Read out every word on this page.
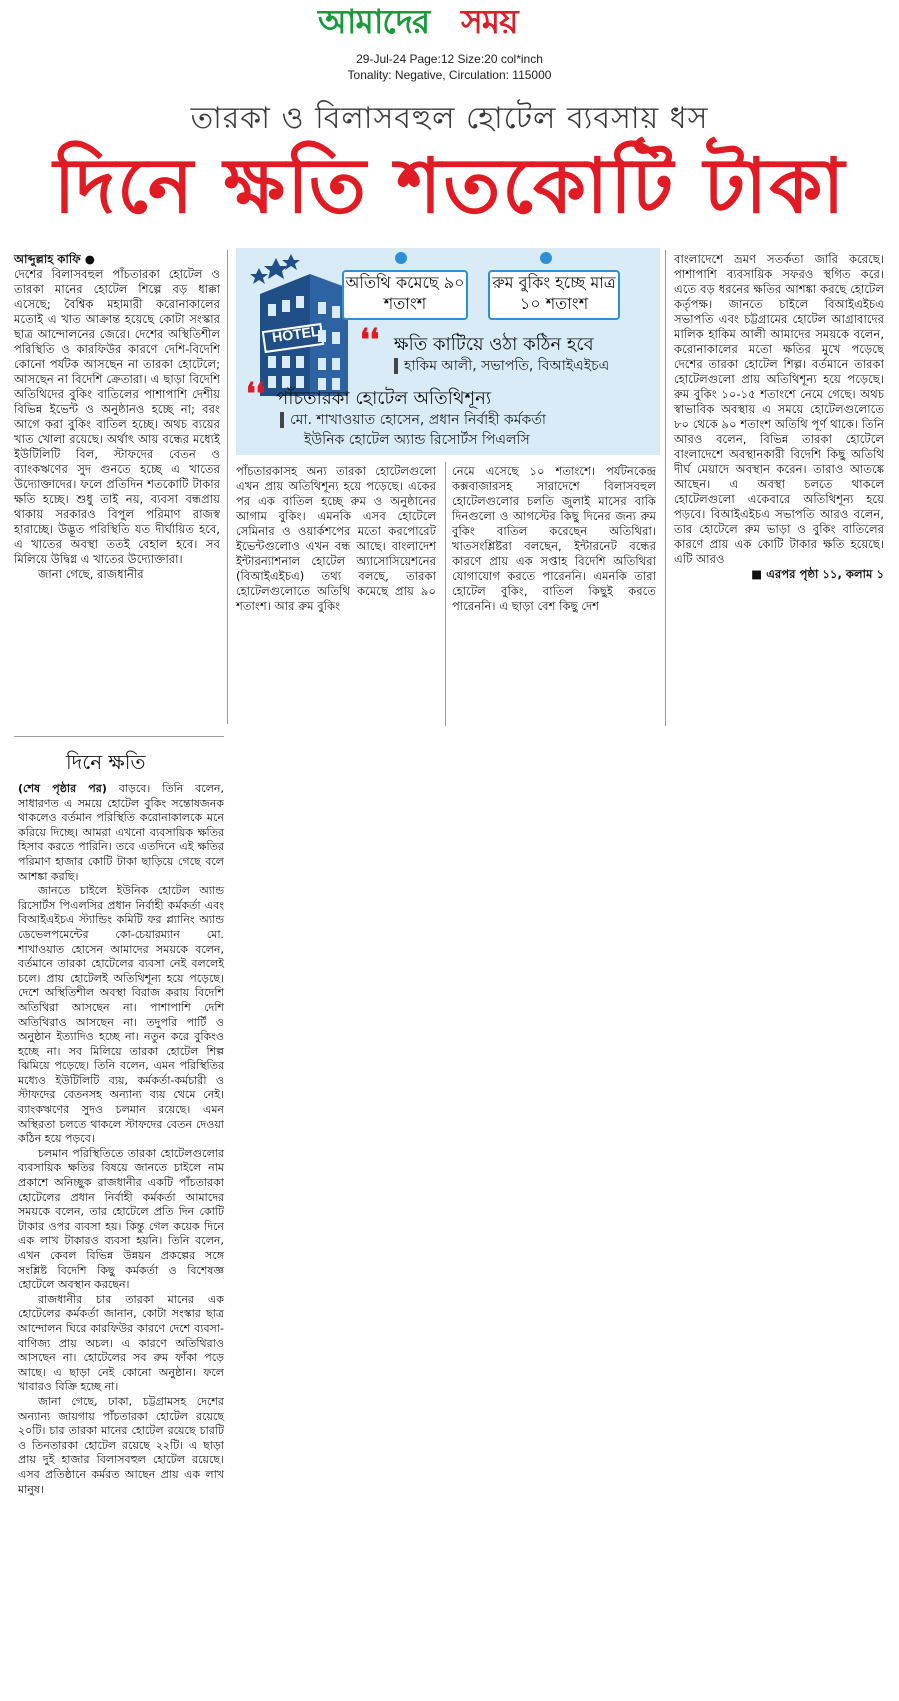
আমাদের সময়
29-Jul-24 Page:12 Size:20 col*inch
Tonality: Negative, Circulation: 115000
তারকা ও বিলাসবহুল হোটেল ব্যবসায় ধস
দিনে ক্ষতি শতকোটি টাকা

আব্দুল্লাহ কাফি ●

দেশের বিলাসবহুল পাঁচতারকা হোটেল ও তারকা মানের হোটেল শিল্পে বড় ধাক্কা এসেছে; বৈশ্বিক মহামারী করোনাকালের মতোই এ খাত আক্রান্ত হয়েছে কোটা সংস্কার ছাত্র আন্দোলনের জেরে। দেশের অস্থিতিশীল পরিস্থিতি ও কারফিউর কারণে দেশি-বিদেশি কোনো পর্যটক আসছেন না তারকা হোটেলে; আসছেন না বিদেশি ক্রেতারা। এ ছাড়া বিদেশি অতিথিদের বুকিং বাতিলের পাশাপাশি দেশীয় বিভিন্ন ইভেন্ট ও অনুষ্ঠানও হচ্ছে না; বরং আগে করা বুকিং বাতিল হচ্ছে। অথচ ব্যয়ের খাত খোলা রয়েছে। অর্থাৎ আয় বন্ধের মধ্যেই ইউটিলিটি বিল, স্টাফদের বেতন ও ব্যাংকঋণের সুদ গুনতে হচ্ছে এ খাতের উদ্যোক্তাদের। ফলে প্রতিদিন শতকোটি টাকার ক্ষতি হচ্ছে। শুধু তাই নয়, ব্যবসা বন্ধপ্রায় থাকায় সরকারও বিপুল পরিমাণ রাজস্ব হারাচ্ছে। উদ্ভূত পরিস্থিতি যত দীর্ঘায়িত হবে, এ খাতের অবস্থা ততই বেহাল হবে। সব মিলিয়ে উদ্বিগ্ন এ খাতের উদ্যোক্তারা।

জানা গেছে, রাজধানীর

HOTEL
অতিথি কমেছে ৯০ শতাংশ
রুম বুকিং হচ্ছে মাত্র ১০ শতাংশ
❛❛ ক্ষতি কাটিয়ে ওঠা কঠিন হবে
হাকিম আলী, সভাপতি, বিআইএইচএ
❛❛ পাঁচতারকা হোটেল অতিথিশূন্য
মো. শাখাওয়াত হোসেন, প্রধান নির্বাহী কর্মকর্তা
ইউনিক হোটেল অ্যান্ড রিসোর্টস পিএলসি

পাঁচতারকাসহ অন্য তারকা হোটেলগুলো এখন প্রায় অতিথিশূন্য হয়ে পড়েছে। একের পর এক বাতিল হচ্ছে রুম ও অনুষ্ঠানের আগাম বুকিং। এমনকি এসব হোটেলে সেমিনার ও ওয়ার্কশপের মতো করপোরেট ইভেন্টগুলোও এখন বন্ধ আছে। বাংলাদেশ ইন্টারন্যাশনাল হোটেল অ্যাসোসিয়েশনের (বিআইএইচএ) তথ্য বলছে, তারকা হোটেলগুলোতে অতিথি কমেছে প্রায় ৯০ শতাংশ। আর রুম বুকিং

নেমে এসেছে ১০ শতাংশে। পর্যটনকেন্দ্র কক্সবাজারসহ সারাদেশে বিলাসবহুল হোটেলগুলোর চলতি জুলাই মাসের বাকি দিনগুলো ও আগস্টের কিছু দিনের জন্য রুম বুকিং বাতিল করেছেন অতিথিরা। খাতসংশ্লিষ্টরা বলছেন, ইন্টারনেট বন্ধের কারণে প্রায় এক সপ্তাহ বিদেশি অতিথিরা যোগাযোগ করতে পারেননি। এমনকি তারা হোটেল বুকিং, বাতিল কিছুই করতে পারেননি। এ ছাড়া বেশ কিছু দেশ

বাংলাদেশে ভ্রমণ সতর্কতা জারি করেছে। পাশাপাশি ব্যবসায়িক সফরও স্থগিত করে। এতে বড় ধরনের ক্ষতির আশঙ্কা করছে হোটেল কর্তৃপক্ষ। জানতে চাইলে বিআইএইচএ সভাপতি এবং চট্টগ্রামের হোটেল আগ্রাবাদের মালিক হাকিম আলী আমাদের সময়কে বলেন, করোনাকালের মতো ক্ষতির মুখে পড়েছে দেশের তারকা হোটেল শিল্প। বর্তমানে তারকা হোটেলগুলো প্রায় অতিথিশূন্য হয়ে পড়েছে। রুম বুকিং ১০-১৫ শতাংশে নেমে গেছে। অথচ স্বাভাবিক অবস্থায় এ সময়ে হোটেলগুলোতে ৮০ থেকে ৯০ শতাংশ অতিথি পূর্ণ থাকে। তিনি আরও বলেন, বিভিন্ন তারকা হোটেলে বাংলাদেশে অবস্থানকারী বিদেশি কিছু অতিথি দীর্ঘ মেয়াদে অবস্থান করেন। তারাও আতঙ্কে আছেন। এ অবস্থা চলতে থাকলে হোটেলগুলো একেবারে অতিথিশূন্য হয়ে পড়বে। বিআইএইচএ সভাপতি আরও বলেন, তার হোটেলে রুম ভাড়া ও বুকিং বাতিলের কারণে প্রায় এক কোটি টাকার ক্ষতি হয়েছে। এটি আরও

■ এরপর পৃষ্ঠা ১১, কলাম ১

দিনে ক্ষতি

(শেষ পৃষ্ঠার পর) বাড়বে। তিনি বলেন, সাধারণত এ সময়ে হোটেল বুকিং সন্তোষজনক থাকলেও বর্তমান পরিস্থিতি করোনাকালকে মনে করিয়ে দিচ্ছে। আমরা এখনো ব্যবসায়িক ক্ষতির হিসাব করতে পারিনি। তবে এতদিনে এই ক্ষতির পরিমাণ হাজার কোটি টাকা ছাড়িয়ে গেছে বলে আশঙ্কা করছি।

জানতে চাইলে ইউনিক হোটেল অ্যান্ড রিসোর্টস পিএলসির প্রধান নির্বাহী কর্মকর্তা এবং বিআইএইচএ স্ট্যান্ডিং কমিটি ফর প্ল্যানিং অ্যান্ড ডেভেলপমেন্টের কো-চেয়ারম্যান মো. শাখাওয়াত হোসেন আমাদের সময়কে বলেন, বর্তমানে তারকা হোটেলের ব্যবসা নেই বললেই চলে। প্রায় হোটেলই অতিথিশূন্য হয়ে পড়েছে। দেশে অস্থিতিশীল অবস্থা বিরাজ করায় বিদেশি অতিথিরা আসছেন না। পাশাপাশি দেশি অতিথিরাও আসছেন না। তদুপরি পার্টি ও অনুষ্ঠান ইত্যাদিও হচ্ছে না। নতুন করে বুকিংও হচ্ছে না। সব মিলিয়ে তারকা হোটেল শিল্প ঝিমিয়ে পড়েছে। তিনি বলেন, এমন পরিস্থিতির মধ্যেও ইউটিলিটি ব্যয়, কর্মকর্তা-কর্মচারী ও স্টাফদের বেতনসহ অন্যান্য ব্যয় থেমে নেই। ব্যাংকঋণের সুদও চলমান রয়েছে। এমন অস্থিরতা চলতে থাকলে স্টাফদের বেতন দেওয়া কঠিন হয়ে পড়বে।

চলমান পরিস্থিতিতে তারকা হোটেলগুলোর ব্যবসায়িক ক্ষতির বিষয়ে জানতে চাইলে নাম প্রকাশে অনিচ্ছুক রাজধানীর একটি পাঁচতারকা হোটেলের প্রধান নির্বাহী কর্মকর্তা আমাদের সময়কে বলেন, তার হোটেলে প্রতি দিন কোটি টাকার ওপর ব্যবসা হয়। কিন্তু গেল কয়েক দিনে এক লাখ টাকারও ব্যবসা হয়নি। তিনি বলেন, এখন কেবল বিভিন্ন উন্নয়ন প্রকল্পের সঙ্গে সংশ্লিষ্ট বিদেশি কিছু কর্মকর্তা ও বিশেষজ্ঞ হোটেলে অবস্থান করছেন।

রাজধানীর চার তারকা মানের এক হোটেলের কর্মকর্তা জানান, কোটা সংস্কার ছাত্র আন্দোলন ঘিরে কারফিউর কারণে দেশে ব্যবসা-বাণিজ্য প্রায় অচল। এ কারণে অতিথিরাও আসছেন না। হোটেলের সব রুম ফাঁকা পড়ে আছে। এ ছাড়া নেই কোনো অনুষ্ঠান। ফলে খাবারও বিক্রি হচ্ছে না।

জানা গেছে, ঢাকা, চট্টগ্রামসহ দেশের অন্যান্য জায়গায় পাঁচতারকা হোটেল রয়েছে ২০টি। চার তারকা মানের হোটেল রয়েছে চারটি ও তিনতারকা হোটেল রয়েছে ২২টি। এ ছাড়া প্রায় দুই হাজার বিলাসবহুল হোটেল রয়েছে। এসব প্রতিষ্ঠানে কর্মরত আছেন প্রায় এক লাখ মানুষ।
